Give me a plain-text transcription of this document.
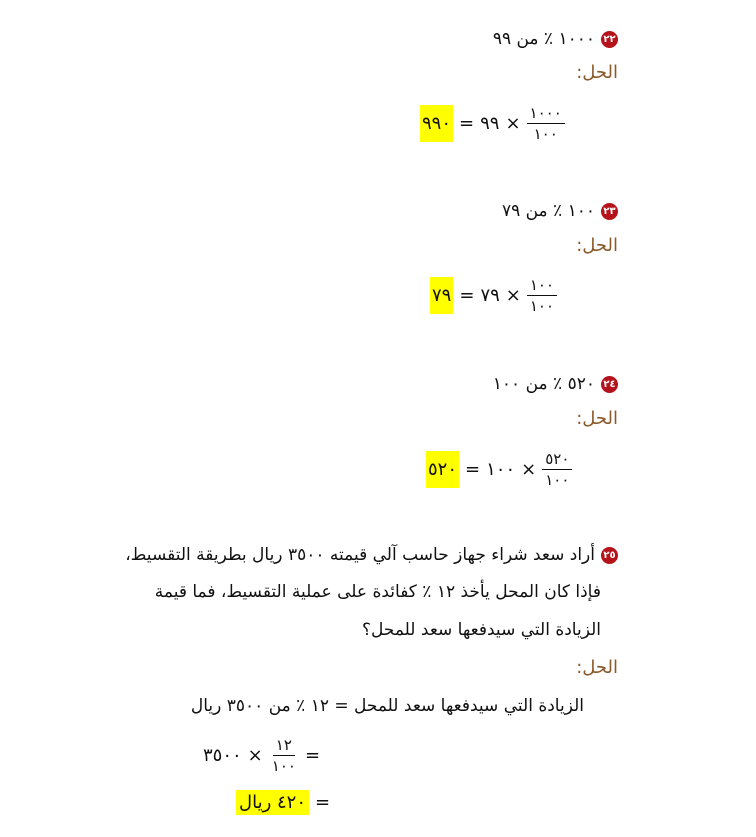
٢٢١٠٠٠ ٪ من ٩٩
الحل:
٩٩٠ = ٩٩ × $\frac{١٠٠٠}{١٠٠}$
٢٣١٠٠ ٪ من ٧٩
الحل:
٧٩ = ٧٩ × $\frac{١٠٠}{١٠٠}$
٢٤٥٢٠ ٪ من ١٠٠
الحل:
٥٢٠ = ١٠٠ × $\frac{٥٢٠}{١٠٠}$
٢٥أراد سعد شراء جهاز حاسب آلي قيمته ٣٥٠٠ ريال بطريقة التقسيط،
فإذا كان المحل يأخذ ١٢ ٪ كفائدة على عملية التقسيط، فما قيمة
الزيادة التي سيدفعها سعد للمحل؟
الحل:
الزيادة التي سيدفعها سعد للمحل = ١٢ ٪ من ٣٥٠٠ ريال
٣٥٠٠ × $\frac{١٢}{١٠٠}$ =
٤٢٠ ريال =
